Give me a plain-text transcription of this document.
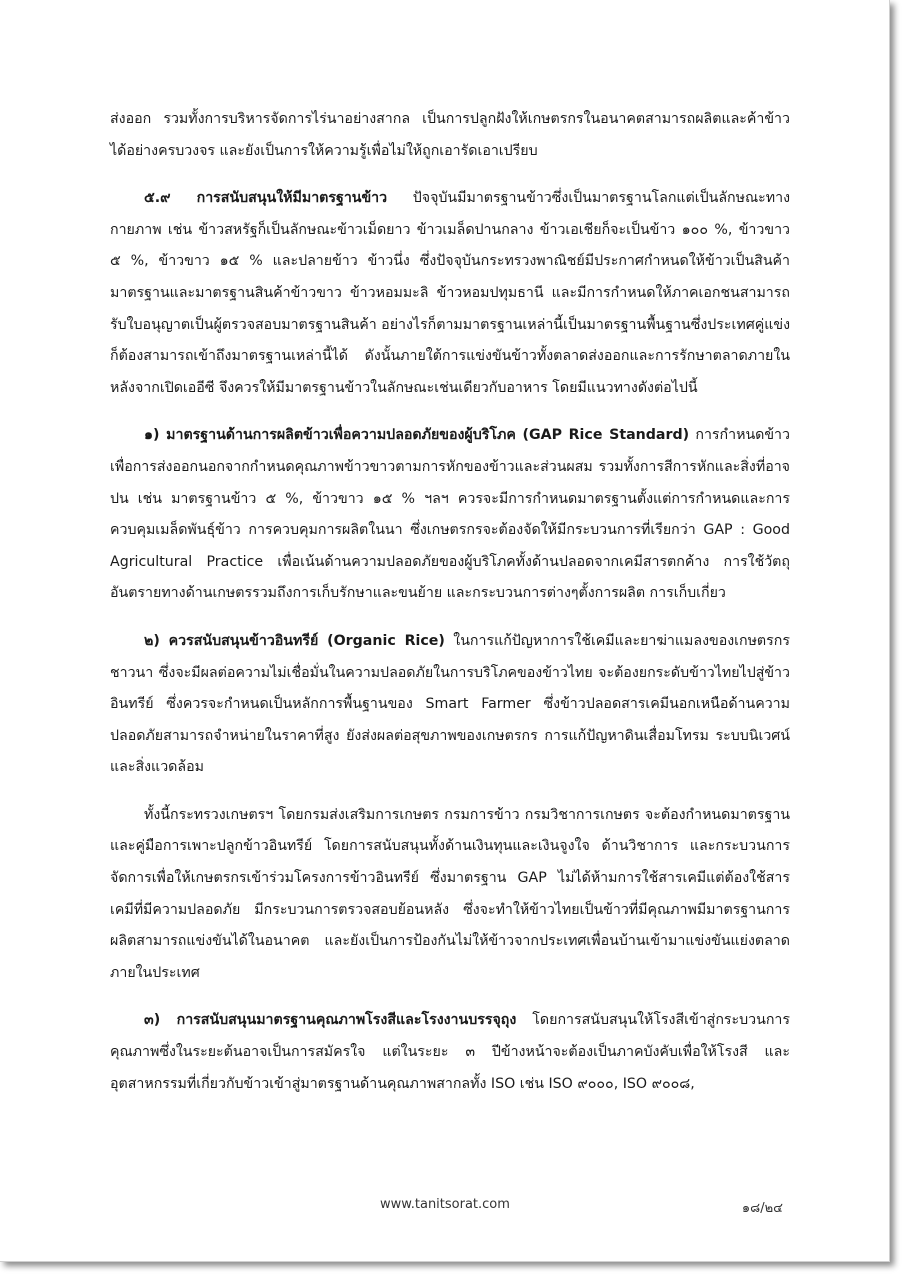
ส่งออก รวมทั้งการบริหารจัดการไร่นาอย่างสากล เป็นการปลูกฝังให้เกษตรกรในอนาคตสามารถผลิตและค้าข้าวได้อย่างครบวงจร และยังเป็นการให้ความรู้เพื่อไม่ให้ถูกเอารัดเอาเปรียบ

๕.๙ การสนับสนุนให้มีมาตรฐานข้าว ปัจจุบันมีมาตรฐานข้าวซึ่งเป็นมาตรฐานโลกแต่เป็นลักษณะทางกายภาพ เช่น ข้าวสหรัฐก็เป็นลักษณะข้าวเม็ดยาว ข้าวเมล็ดปานกลาง ข้าวเอเชียก็จะเป็นข้าว ๑๐๐ %, ข้าวขาว ๕ %, ข้าวขาว ๑๕ % และปลายข้าว ข้าวนึ่ง ซึ่งปัจจุบันกระทรวงพาณิชย์มีประกาศกำหนดให้ข้าวเป็นสินค้ามาตรฐานและมาตรฐานสินค้าข้าวขาว ข้าวหอมมะลิ ข้าวหอมปทุมธานี และมีการกำหนดให้ภาคเอกชนสามารถรับใบอนุญาตเป็นผู้ตรวจสอบมาตรฐานสินค้า อย่างไรก็ตามมาตรฐานเหล่านี้เป็นมาตรฐานพื้นฐานซึ่งประเทศคู่แข่งก็ต้องสามารถเข้าถึงมาตรฐานเหล่านี้ได้ ดังนั้นภายใต้การแข่งขันข้าวทั้งตลาดส่งออกและการรักษาตลาดภายในหลังจากเปิดเออีซี จึงควรให้มีมาตรฐานข้าวในลักษณะเช่นเดียวกับอาหาร โดยมีแนวทางดังต่อไปนี้

๑) มาตรฐานด้านการผลิตข้าวเพื่อความปลอดภัยของผู้บริโภค (GAP Rice Standard) การกำหนดข้าวเพื่อการส่งออกนอกจากกำหนดคุณภาพข้าวขาวตามการหักของข้าวและส่วนผสม รวมทั้งการสีการหักและสิ่งที่อาจปน เช่น มาตรฐานข้าว ๕ %, ข้าวขาว ๑๕ % ฯลฯ ควรจะมีการกำหนดมาตรฐานตั้งแต่การกำหนดและการควบคุมเมล็ดพันธุ์ข้าว การควบคุมการผลิตในนา ซึ่งเกษตรกรจะต้องจัดให้มีกระบวนการที่เรียกว่า GAP : Good Agricultural Practice เพื่อเน้นด้านความปลอดภัยของผู้บริโภคทั้งด้านปลอดจากเคมีสารตกค้าง การใช้วัตถุอันตรายทางด้านเกษตรรวมถึงการเก็บรักษาและขนย้าย และกระบวนการต่างๆตั้งการผลิต การเก็บเกี่ยว

๒) ควรสนับสนุนข้าวอินทรีย์ (Organic Rice) ในการแก้ปัญหาการใช้เคมีและยาฆ่าแมลงของเกษตรกรชาวนา ซึ่งจะมีผลต่อความไม่เชื่อมั่นในความปลอดภัยในการบริโภคของข้าวไทย จะต้องยกระดับข้าวไทยไปสู่ข้าวอินทรีย์ ซึ่งควรจะกำหนดเป็นหลักการพื้นฐานของ Smart Farmer ซึ่งข้าวปลอดสารเคมีนอกเหนือด้านความปลอดภัยสามารถจำหน่ายในราคาที่สูง ยังส่งผลต่อสุขภาพของเกษตรกร การแก้ปัญหาดินเสื่อมโทรม ระบบนิเวศน์และสิ่งแวดล้อม

ทั้งนี้กระทรวงเกษตรฯ โดยกรมส่งเสริมการเกษตร กรมการข้าว กรมวิชาการเกษตร จะต้องกำหนดมาตรฐานและคู่มือการเพาะปลูกข้าวอินทรีย์ โดยการสนับสนุนทั้งด้านเงินทุนและเงินจูงใจ ด้านวิชาการ และกระบวนการจัดการเพื่อให้เกษตรกรเข้าร่วมโครงการข้าวอินทรีย์ ซึ่งมาตรฐาน GAP ไม่ได้ห้ามการใช้สารเคมีแต่ต้องใช้สารเคมีที่มีความปลอดภัย มีกระบวนการตรวจสอบย้อนหลัง ซึ่งจะทำให้ข้าวไทยเป็นข้าวที่มีคุณภาพมีมาตรฐานการผลิตสามารถแข่งขันได้ในอนาคต และยังเป็นการป้องกันไม่ให้ข้าวจากประเทศเพื่อนบ้านเข้ามาแข่งขันแย่งตลาดภายในประเทศ

๓) การสนับสนุนมาตรฐานคุณภาพโรงสีและโรงงานบรรจุถุง โดยการสนับสนุนให้โรงสีเข้าสู่กระบวนการคุณภาพซึ่งในระยะต้นอาจเป็นการสมัครใจ แต่ในระยะ ๓ ปีข้างหน้าจะต้องเป็นภาคบังคับเพื่อให้โรงสี และอุตสาหกรรมที่เกี่ยวกับข้าวเข้าสู่มาตรฐานด้านคุณภาพสากลทั้ง ISO เช่น ISO ๙๐๐๐, ISO ๙๐๐๘,

www.tanitsorat.com	๑๘/๒๔
